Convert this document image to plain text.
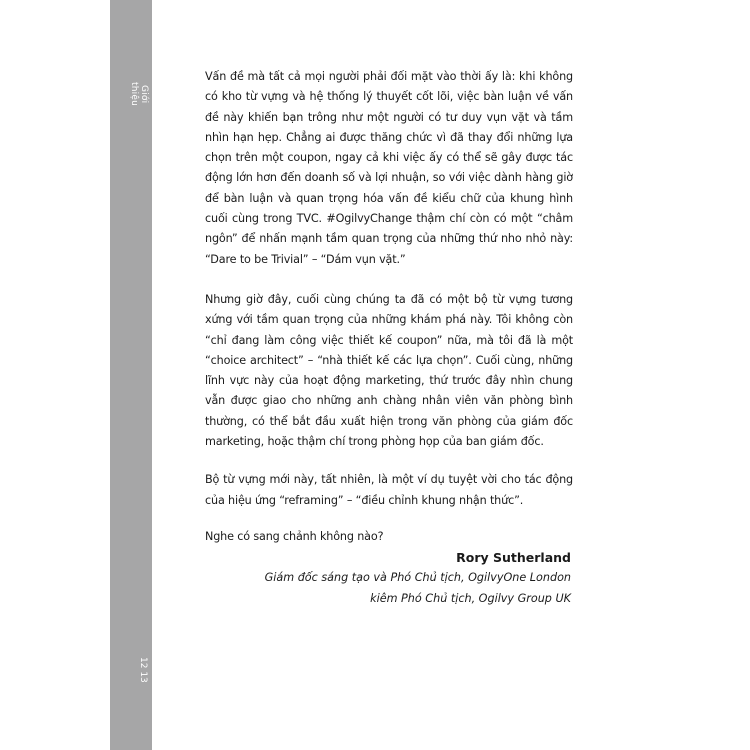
Giới thiệu
12 13

Vấn đề mà tất cả mọi người phải đối mặt vào thời ấy là: khi không có kho từ vựng và hệ thống lý thuyết cốt lõi, việc bàn luận về vấn đề này khiến bạn trông như một người có tư duy vụn vặt và tầm nhìn hạn hẹp. Chẳng ai được thăng chức vì đã thay đổi những lựa chọn trên một coupon, ngay cả khi việc ấy có thể sẽ gây được tác động lớn hơn đến doanh số và lợi nhuận, so với việc dành hàng giờ để bàn luận và quan trọng hóa vấn đề kiểu chữ của khung hình cuối cùng trong TVC. #OgilvyChange thậm chí còn có một “châm ngôn” để nhấn mạnh tầm quan trọng của những thứ nho nhỏ này: “Dare to be Trivial” – “Dám vụn vặt.”

Nhưng giờ đây, cuối cùng chúng ta đã có một bộ từ vựng tương xứng với tầm quan trọng của những khám phá này. Tôi không còn “chỉ đang làm công việc thiết kế coupon” nữa, mà tôi đã là một “choice architect” – “nhà thiết kế các lựa chọn”. Cuối cùng, những lĩnh vực này của hoạt động marketing, thứ trước đây nhìn chung vẫn được giao cho những anh chàng nhân viên văn phòng bình thường, có thể bắt đầu xuất hiện trong văn phòng của giám đốc marketing, hoặc thậm chí trong phòng họp của ban giám đốc.

Bộ từ vựng mới này, tất nhiên, là một ví dụ tuyệt vời cho tác động của hiệu ứng “reframing” – “điều chỉnh khung nhận thức”.

Nghe có sang chảnh không nào?

Rory Sutherland
Giám đốc sáng tạo và Phó Chủ tịch, OgilvyOne London
kiêm Phó Chủ tịch, Ogilvy Group UK
